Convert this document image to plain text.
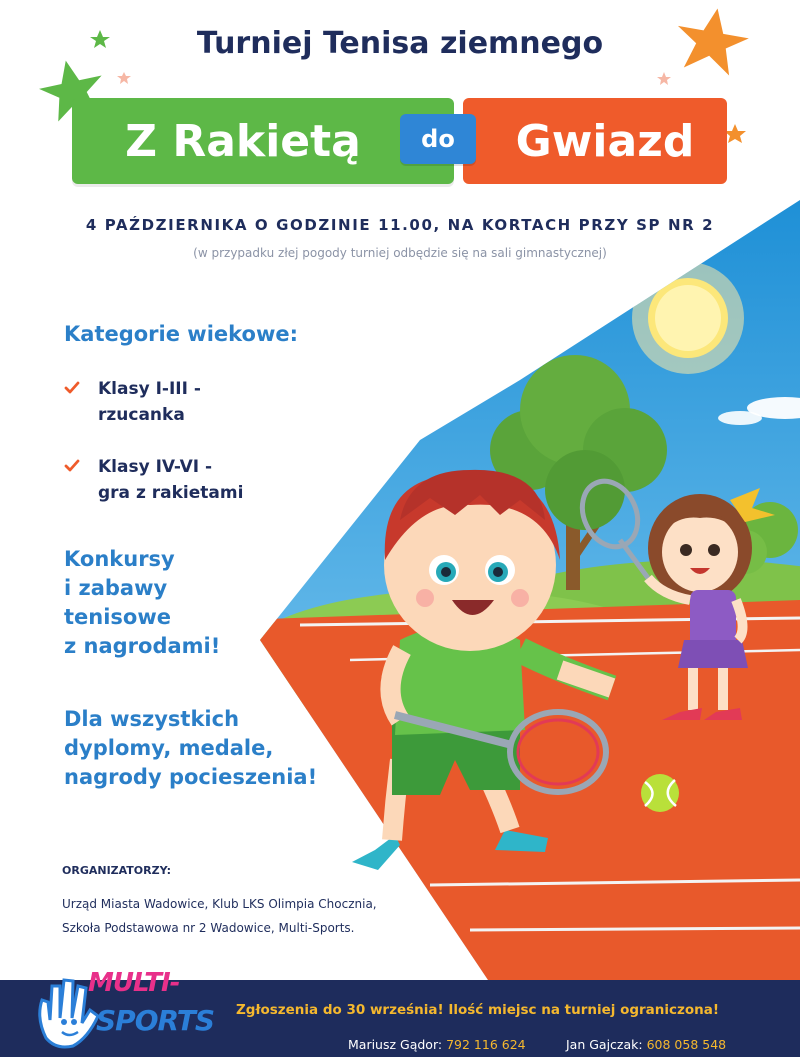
Turniej Tenisa ziemnego
Z Rakietą	Gwiazd
do
4 PAŹDZIERNIKA O GODZINIE 11.00, NA KORTACH PRZY SP NR 2
(w przypadku złej pogody turniej odbędzie się na sali gimnastycznej)
Kategorie wiekowe:
Klasy I-III -
rzucanka
Klasy IV-VI -
gra z rakietami
Konkursy
i zabawy
tenisowe
z nagrodami!
Dla wszystkich
dyplomy, medale,
nagrody pocieszenia!
ORGANIZATORZY:
Urząd Miasta Wadowice, Klub LKS Olimpia Chocznia,
Szkoła Podstawowa nr 2 Wadowice, Multi-Sports.
MULTI-
SPORTS Zgłoszenia do 30 września! Ilość miejsc na turniej ograniczona!
Mariusz Gądor: 792 116 624	Jan Gajczak: 608 058 548
